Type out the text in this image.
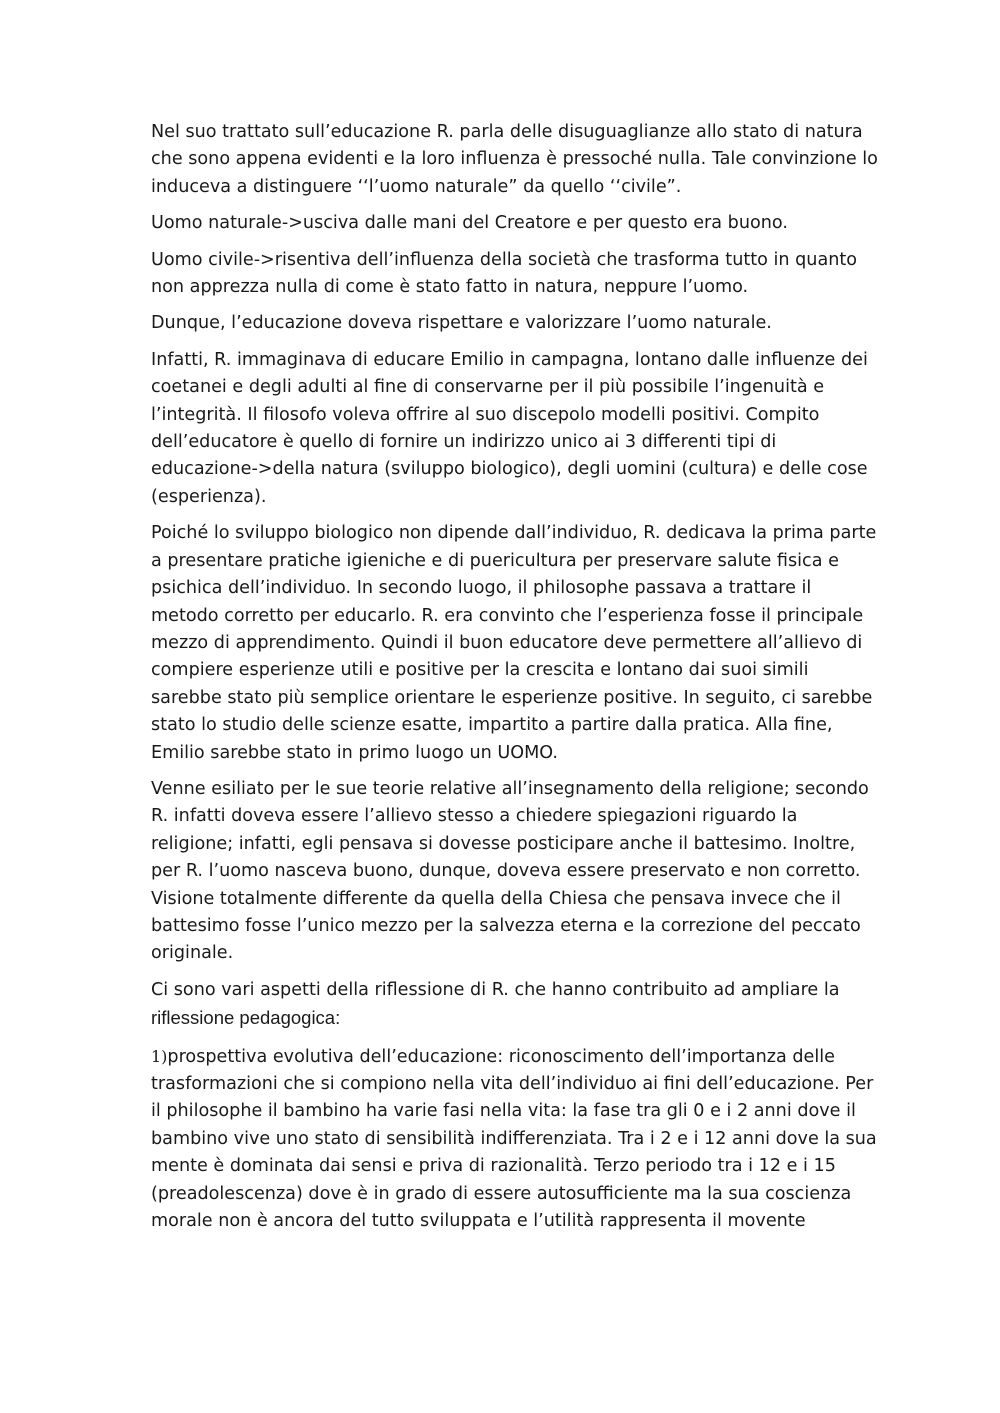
Nel suo trattato sull’educazione R. parla delle disuguaglianze allo stato di natura che sono appena evidenti e la loro influenza è pressoché nulla. Tale convinzione lo induceva a distinguere ‘‘l’uomo naturale” da quello ‘‘civile”.

Uomo naturale->usciva dalle mani del Creatore e per questo era buono.

Uomo civile->risentiva dell’influenza della società che trasforma tutto in quanto non apprezza nulla di come è stato fatto in natura, neppure l’uomo.

Dunque, l’educazione doveva rispettare e valorizzare l’uomo naturale.

Infatti, R. immaginava di educare Emilio in campagna, lontano dalle influenze dei coetanei e degli adulti al fine di conservarne per il più possibile l’ingenuità e l’integrità. Il filosofo voleva offrire al suo discepolo modelli positivi. Compito dell’educatore è quello di fornire un indirizzo unico ai 3 differenti tipi di educazione->della natura (sviluppo biologico), degli uomini (cultura) e delle cose (esperienza).

Poiché lo sviluppo biologico non dipende dall’individuo, R. dedicava la prima parte a presentare pratiche igieniche e di puericultura per preservare salute fisica e psichica dell’individuo. In secondo luogo, il philosophe passava a trattare il metodo corretto per educarlo. R. era convinto che l’esperienza fosse il principale mezzo di apprendimento. Quindi il buon educatore deve permettere all’allievo di compiere esperienze utili e positive per la crescita e lontano dai suoi simili sarebbe stato più semplice orientare le esperienze positive. In seguito, ci sarebbe stato lo studio delle scienze esatte, impartito a partire dalla pratica. Alla fine, Emilio sarebbe stato in primo luogo un UOMO.

Venne esiliato per le sue teorie relative all’insegnamento della religione; secondo R. infatti doveva essere l’allievo stesso a chiedere spiegazioni riguardo la religione; infatti, egli pensava si dovesse posticipare anche il battesimo. Inoltre, per R. l’uomo nasceva buono, dunque, doveva essere preservato e non corretto. Visione totalmente differente da quella della Chiesa che pensava invece che il battesimo fosse l’unico mezzo per la salvezza eterna e la correzione del peccato originale.

Ci sono vari aspetti della riflessione di R. che hanno contribuito ad ampliare la
riflessione pedagogica:

1)prospettiva evolutiva dell’educazione: riconoscimento dell’importanza delle trasformazioni che si compiono nella vita dell’individuo ai fini dell’educazione. Per il philosophe il bambino ha varie fasi nella vita: la fase tra gli 0 e i 2 anni dove il bambino vive uno stato di sensibilità indifferenziata. Tra i 2 e i 12 anni dove la sua mente è dominata dai sensi e priva di razionalità. Terzo periodo tra i 12 e i 15 (preadolescenza) dove è in grado di essere autosufficiente ma la sua coscienza morale non è ancora del tutto sviluppata e l’utilità rappresenta il movente
